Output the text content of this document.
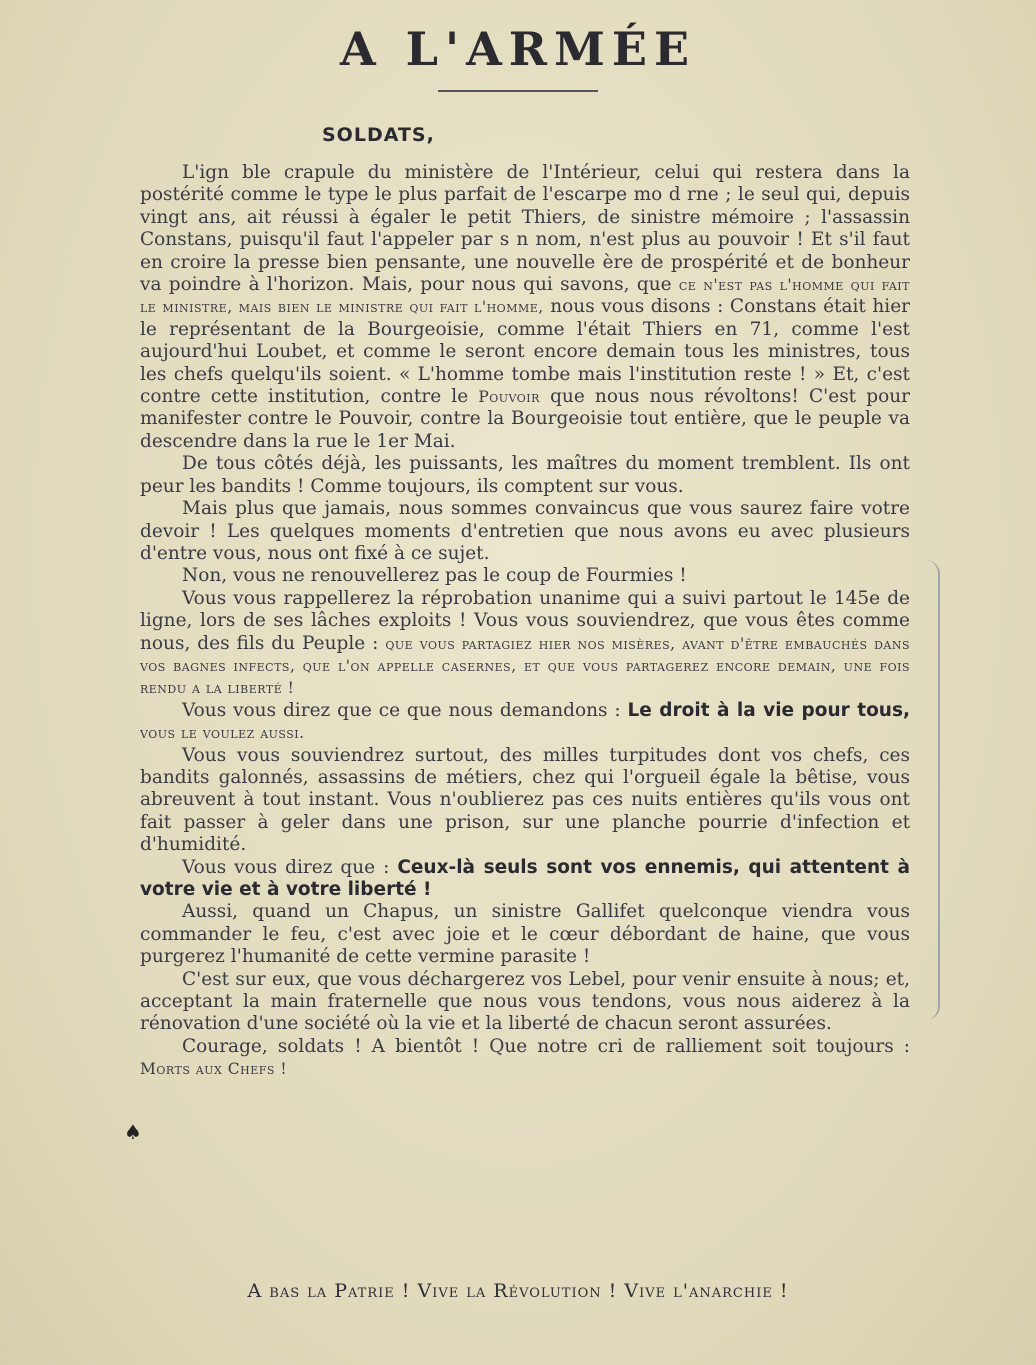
A L'ARMÉE
SOLDATS,

L'ign ble crapule du ministère de l'Intérieur, celui qui restera dans la postérité comme le type le plus parfait de l'escarpe mo d rne ; le seul qui, depuis vingt ans, ait réussi à égaler le petit Thiers, de sinistre mémoire ; l'assassin Constans, puisqu'il faut l'appeler par s n nom, n'est plus au pouvoir ! Et s'il faut en croire la presse bien pensante, une nouvelle ère de prospérité et de bonheur va poindre à l'horizon. Mais, pour nous qui savons, que ce n'est pas l'homme qui fait le ministre, mais bien le ministre qui fait l'homme, nous vous disons : Constans était hier le représentant de la Bourgeoisie, comme l'était Thiers en 71, comme l'est aujourd'hui Loubet, et comme le seront encore demain tous les ministres, tous les chefs quelqu'ils soient. « L'homme tombe mais l'institution reste ! » Et, c'est contre cette institution, contre le Pouvoir que nous nous révoltons! C'est pour manifester contre le Pouvoir, contre la Bourgeoisie tout entière, que le peuple va descendre dans la rue le 1er Mai.

De tous côtés déjà, les puissants, les maîtres du moment tremblent. Ils ont peur les bandits ! Comme toujours, ils comptent sur vous.

Mais plus que jamais, nous sommes convaincus que vous saurez faire votre devoir ! Les quelques moments d'entretien que nous avons eu avec plusieurs d'entre vous, nous ont fixé à ce sujet.

Non, vous ne renouvellerez pas le coup de Fourmies !

Vous vous rappellerez la réprobation unanime qui a suivi partout le 145e de ligne, lors de ses lâches exploits ! Vous vous souviendrez, que vous êtes comme nous, des fils du Peuple : que vous partagiez hier nos misères, avant d'être embauchés dans vos bagnes infects, que l'on appelle casernes, et que vous partagerez encore demain, une fois rendu a la liberté !

Vous vous direz que ce que nous demandons : Le droit à la vie pour tous, vous le voulez aussi.

Vous vous souviendrez surtout, des milles turpitudes dont vos chefs, ces bandits galonnés, assassins de métiers, chez qui l'orgueil égale la bêtise, vous abreuvent à tout instant. Vous n'oublierez pas ces nuits entières qu'ils vous ont fait passer à geler dans une prison, sur une planche pourrie d'infection et d'humidité.

Vous vous direz que : Ceux-là seuls sont vos ennemis, qui attentent à votre vie et à votre liberté !

Aussi, quand un Chapus, un sinistre Gallifet quelconque viendra vous commander le feu, c'est avec joie et le cœur débordant de haine, que vous purgerez l'humanité de cette vermine parasite !

C'est sur eux, que vous déchargerez vos Lebel, pour venir ensuite à nous; et, acceptant la main fraternelle que nous vous tendons, vous nous aiderez à la rénovation d'une société où la vie et la liberté de chacun seront assurées.

Courage, soldats ! A bientôt ! Que notre cri de ralliement soit toujours : Morts aux Chefs !

A bas la Patrie ! Vive la Révolution ! Vive l'anarchie !
♠
